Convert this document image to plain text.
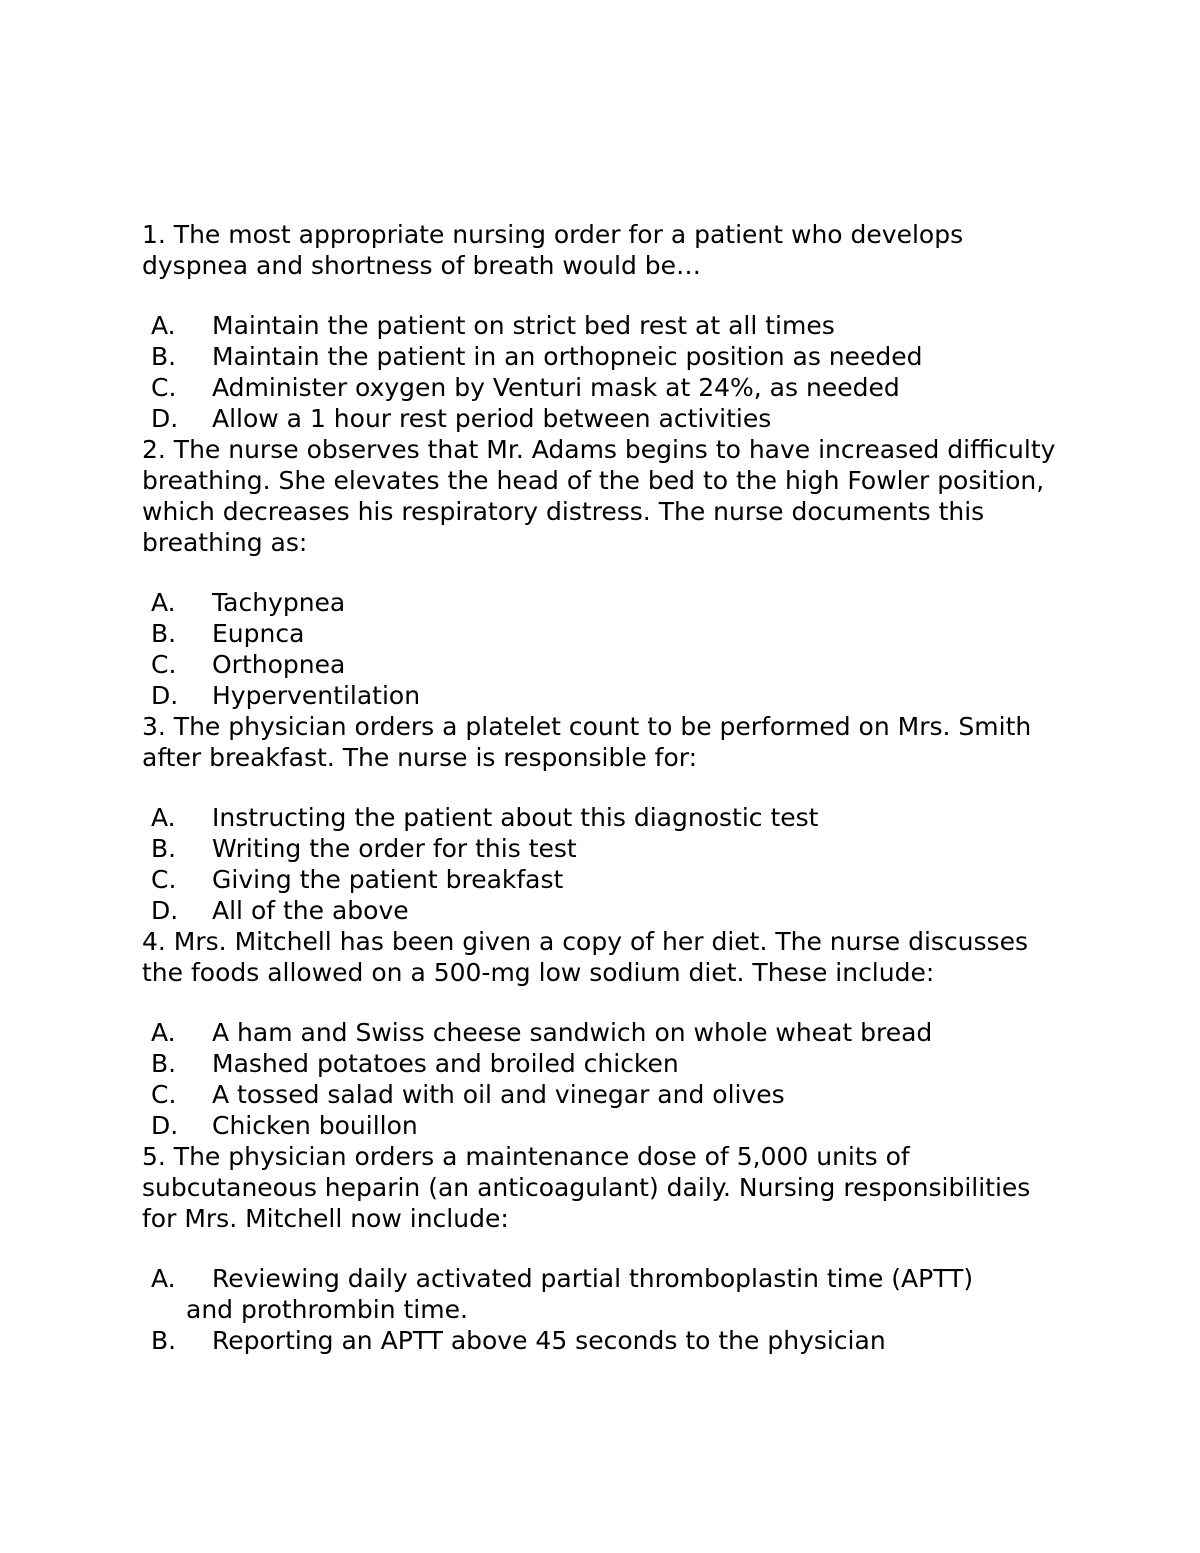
1. The most appropriate nursing order for a patient who develops dyspnea and shortness of breath would be…

A. Maintain the patient on strict bed rest at all times
B. Maintain the patient in an orthopneic position as needed
C. Administer oxygen by Venturi mask at 24%, as needed
D. Allow a 1 hour rest period between activities

2. The nurse observes that Mr. Adams begins to have increased difficulty breathing. She elevates the head of the bed to the high Fowler position, which decreases his respiratory distress. The nurse documents this breathing as:

A. Tachypnea
B. Eupnca
C. Orthopnea
D. Hyperventilation

3. The physician orders a platelet count to be performed on Mrs. Smith after breakfast. The nurse is responsible for:

A. Instructing the patient about this diagnostic test
B. Writing the order for this test
C. Giving the patient breakfast
D. All of the above

4. Mrs. Mitchell has been given a copy of her diet. The nurse discusses the foods allowed on a 500-mg low sodium diet. These include:

A. A ham and Swiss cheese sandwich on whole wheat bread
B. Mashed potatoes and broiled chicken
C. A tossed salad with oil and vinegar and olives
D. Chicken bouillon

5. The physician orders a maintenance dose of 5,000 units of subcutaneous heparin (an anticoagulant) daily. Nursing responsibilities for Mrs. Mitchell now include:

A. Reviewing daily activated partial thromboplastin time (APTT)
and prothrombin time.
B. Reporting an APTT above 45 seconds to the physician
